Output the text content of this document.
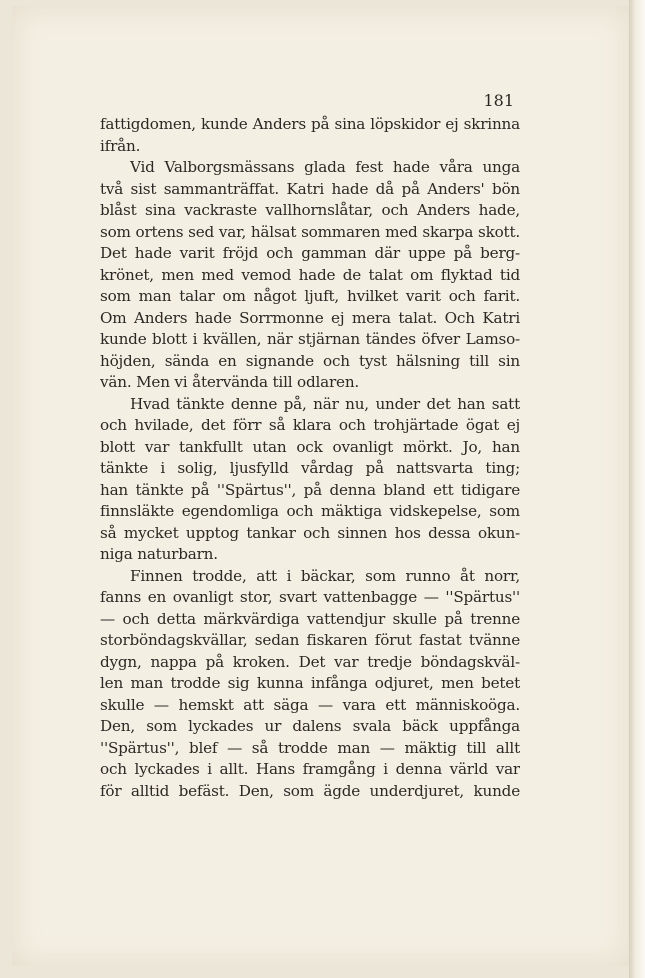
181
fattigdomen, kunde Anders på sina löpskidor ej skrinna
ifrån.
Vid Valborgsmässans glada fest hade våra unga
två sist sammanträffat. Katri hade då på Anders' bön
blåst sina vackraste vallhornslåtar, och Anders hade,
som ortens sed var, hälsat sommaren med skarpa skott.
Det hade varit fröjd och gamman där uppe på berg-
krönet, men med vemod hade de talat om flyktad tid
som man talar om något ljuft, hvilket varit och farit.
Om Anders hade Sorrmonne ej mera talat. Och Katri
kunde blott i kvällen, när stjärnan tändes öfver Lamso-
höjden, sända en signande och tyst hälsning till sin
vän. Men vi återvända till odlaren.
Hvad tänkte denne på, när nu, under det han satt
och hvilade, det förr så klara och trohjärtade ögat ej
blott var tankfullt utan ock ovanligt mörkt. Jo, han
tänkte i solig, ljusfylld vårdag på nattsvarta ting;
han tänkte på ''Spärtus'', på denna bland ett tidigare
finnsläkte egendomliga och mäktiga vidskepelse, som
så mycket upptog tankar och sinnen hos dessa okun-
niga naturbarn.
Finnen trodde, att i bäckar, som runno åt norr,
fanns en ovanligt stor, svart vattenbagge — ''Spärtus''
— och detta märkvärdiga vattendjur skulle på trenne
storböndagskvällar, sedan fiskaren förut fastat tvänne
dygn, nappa på kroken. Det var tredje böndagskväl-
len man trodde sig kunna infånga odjuret, men betet
skulle — hemskt att säga — vara ett människoöga.
Den, som lyckades ur dalens svala bäck uppfånga
''Spärtus'', blef — så trodde man — mäktig till allt
och lyckades i allt. Hans framgång i denna värld var
för alltid befäst. Den, som ägde underdjuret, kunde
